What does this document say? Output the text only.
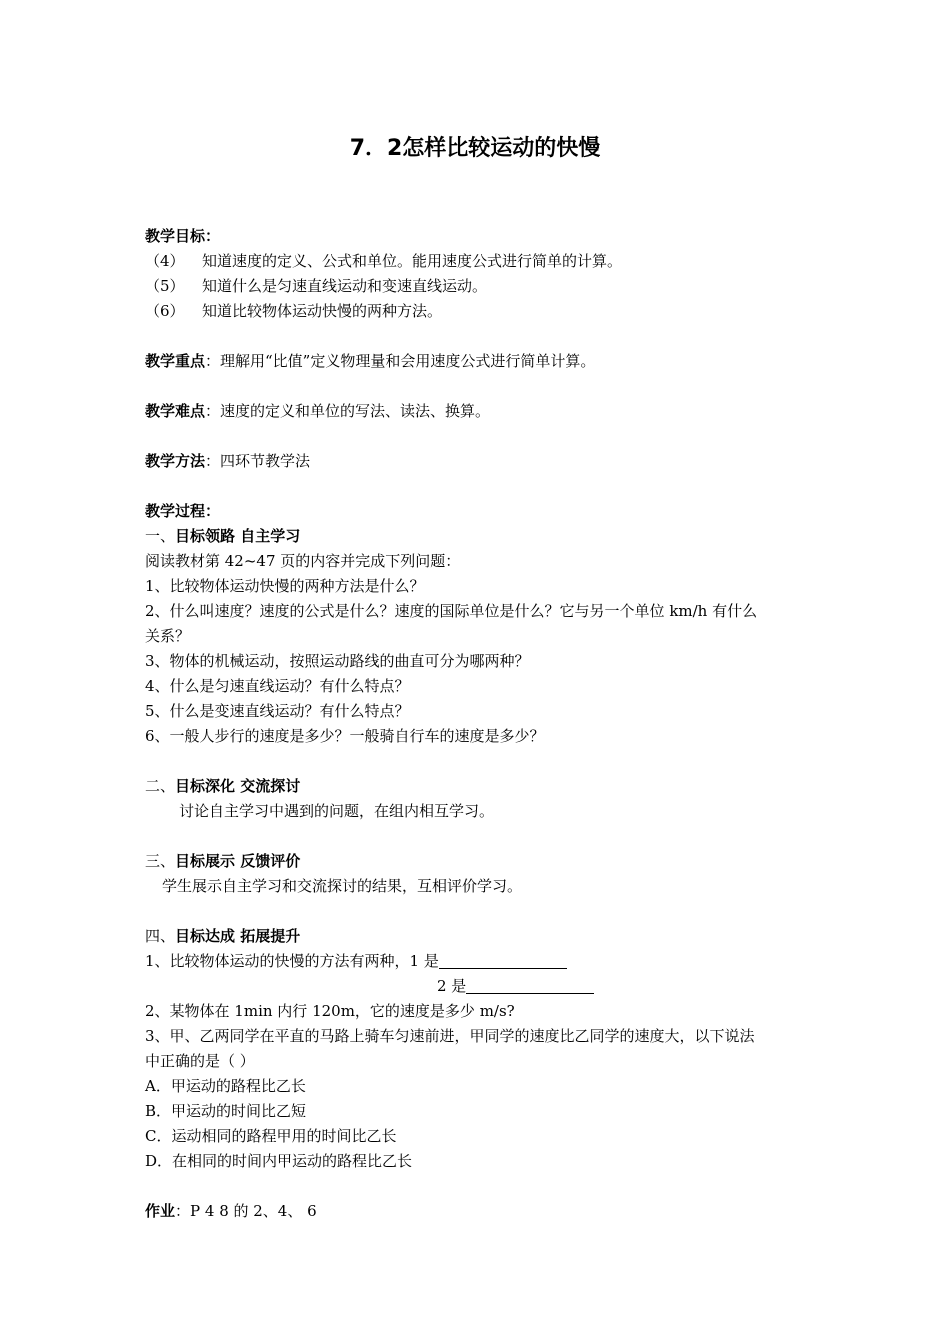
7．2怎样比较运动的快慢
教学目标：
（4） 知道速度的定义、公式和单位。能用速度公式进行简单的计算。
（5） 知道什么是匀速直线运动和变速直线运动。
（6） 知道比较物体运动快慢的两种方法。
教学重点：理解用“比值”定义物理量和会用速度公式进行简单计算。
教学难点：速度的定义和单位的写法、读法、换算。
教学方法：四环节教学法
教学过程：
一、目标领路 自主学习
阅读教材第 42~47 页的内容并完成下列问题：
1、比较物体运动快慢的两种方法是什么？
2、什么叫速度？速度的公式是什么？速度的国际单位是什么？它与另一个单位 km/h 有什么
关系？
3、物体的机械运动，按照运动路线的曲直可分为哪两种？
4、什么是匀速直线运动？有什么特点？
5、什么是变速直线运动？有什么特点？
6、一般人步行的速度是多少？一般骑自行车的速度是多少？
二、目标深化 交流探讨
讨论自主学习中遇到的问题，在组内相互学习。
三、目标展示 反馈评价
学生展示自主学习和交流探讨的结果，互相评价学习。
四、目标达成 拓展提升
1、比较物体运动的快慢的方法有两种，1 是
2 是
2、某物体在 1min 内行 120m，它的速度是多少 m/s?
3、甲、乙两同学在平直的马路上骑车匀速前进，甲同学的速度比乙同学的速度大，以下说法
中正确的是（ ）
A．甲运动的路程比乙长
B．甲运动的时间比乙短
C．运动相同的路程甲用的时间比乙长
D．在相同的时间内甲运动的路程比乙长
作业：P 4 8 的 2、4、 6
